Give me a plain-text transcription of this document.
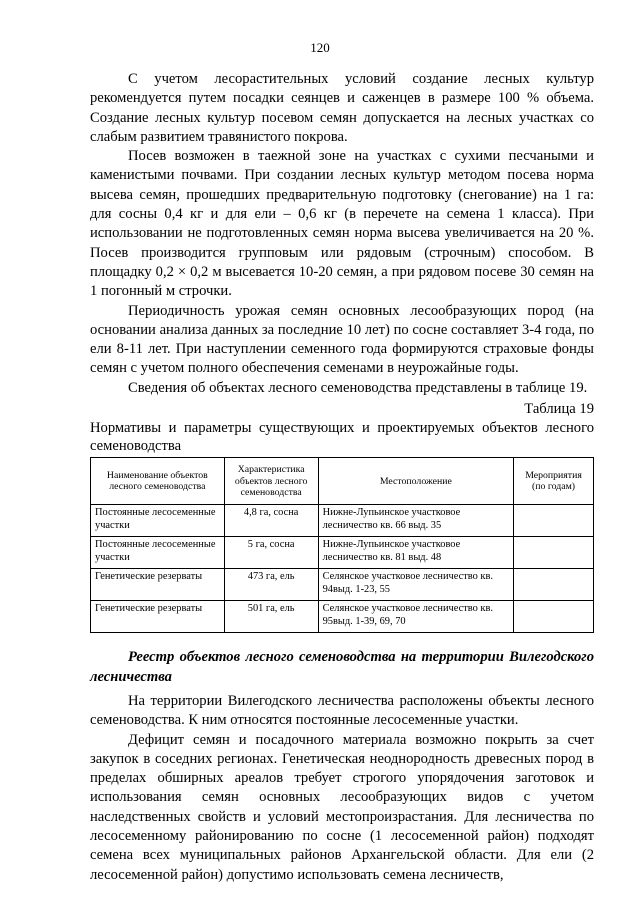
120

С учетом лесорастительных условий создание лесных культур рекомендуется путем посадки сеянцев и саженцев в размере 100 % объема. Создание лесных культур посевом семян допускается на лесных участках со слабым развитием травянистого покрова.

Посев возможен в таежной зоне на участках с сухими песчаными и каменистыми почвами. При создании лесных культур методом посева норма высева семян, прошедших предварительную подготовку (снегование) на 1 га: для сосны 0,4 кг и для ели – 0,6 кг (в перечете на семена 1 класса). При использовании не подготовленных семян норма высева увеличивается на 20 %. Посев производится групповым или рядовым (строчным) способом. В площадку 0,2 × 0,2 м высевается 10-20 семян, а при рядовом посеве 30 семян на 1 погонный м строчки.

Периодичность урожая семян основных лесообразующих пород (на основании анализа данных за последние 10 лет) по сосне составляет 3-4 года, по ели 8-11 лет. При наступлении семенного года формируются страховые фонды семян с учетом полного обеспечения семенами в неурожайные годы.

Сведения об объектах лесного семеноводства представлены в таблице 19.

Таблица 19

Нормативы и параметры существующих и проектируемых объектов лесного семеноводства

Наименование объектов лесного семеноводства	Характеристика объектов лесного семеноводства	Местоположение	Мероприятия (по годам)
Постоянные лесосеменные участки	4,8 га, сосна	Нижне-Лупьинское участковое лесничество кв. 66 выд. 35	
Постоянные лесосеменные участки	5 га, сосна	Нижне-Лупьинское участковое лесничество кв. 81 выд. 48	
Генетические резерваты	473 га, ель	Селянское участковое лесничество кв. 94выд. 1-23, 55	
Генетические резерваты	501 га, ель	Селянское участковое лесничество кв. 95выд. 1-39, 69, 70	

Реестр объектов лесного семеноводства на территории Вилегодского лесничества

На территории Вилегодского лесничества расположены объекты лесного семеноводства. К ним относятся постоянные лесосеменные участки.

Дефицит семян и посадочного материала возможно покрыть за счет закупок в соседних регионах. Генетическая неоднородность древесных пород в пределах обширных ареалов требует строгого упорядочения заготовок и использования семян основных лесообразующих видов с учетом наследственных свойств и условий местопроизрастания. Для лесничества по лесосеменному районированию по сосне (1 лесосеменной район) подходят семена всех муниципальных районов Архангельской области. Для ели (2 лесосеменной район) допустимо использовать семена лесничеств,
